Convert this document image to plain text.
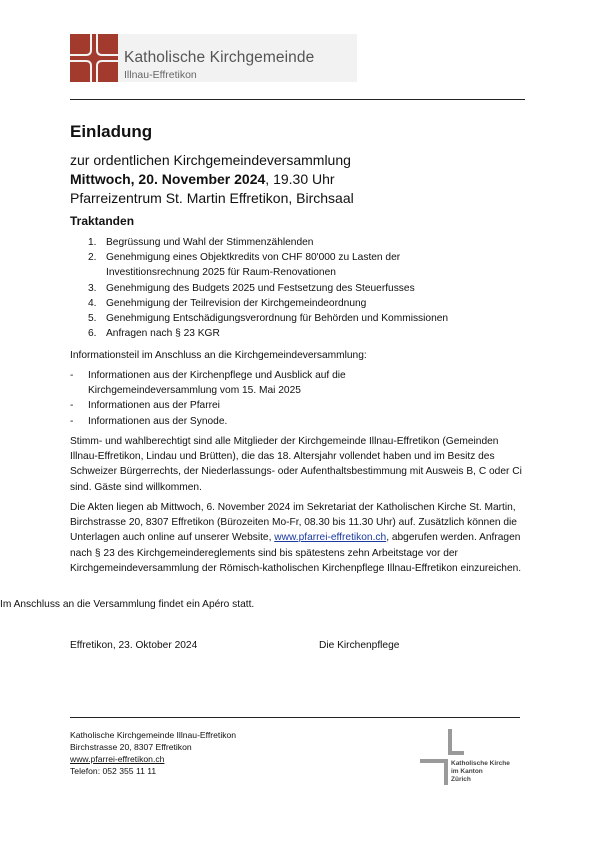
Katholische Kirchgemeinde
Illnau-Effretikon
Einladung
zur ordentlichen Kirchgemeindeversammlung
Mittwoch, 20. November 2024, 19.30 Uhr
Pfarreizentrum St. Martin Effretikon, Birchsaal
Traktanden
1. Begrüssung und Wahl der Stimmenzählenden
2. Genehmigung eines Objektkredits von CHF 80'000 zu Lasten der Investitionsrechnung 2025 für Raum-Renovationen
3. Genehmigung des Budgets 2025 und Festsetzung des Steuerfusses
4. Genehmigung der Teilrevision der Kirchgemeindeordnung
5. Genehmigung Entschädigungsverordnung für Behörden und Kommissionen
6. Anfragen nach § 23 KGR
Informationsteil im Anschluss an die Kirchgemeindeversammlung:
-	Informationen aus der Kirchenpflege und Ausblick auf die Kirchgemeindeversammlung vom 15. Mai 2025
-	Informationen aus der Pfarrei
-	Informationen aus der Synode.
Stimm- und wahlberechtigt sind alle Mitglieder der Kirchgemeinde Illnau-Effretikon (Gemeinden Illnau-Effretikon, Lindau und Brütten), die das 18. Altersjahr vollendet haben und im Besitz des Schweizer Bürgerrechts, der Niederlassungs- oder Aufenthaltsbestimmung mit Ausweis B, C oder Ci sind. Gäste sind willkommen.
Die Akten liegen ab Mittwoch, 6. November 2024 im Sekretariat der Katholischen Kirche St. Martin, Birchstrasse 20, 8307 Effretikon (Bürozeiten Mo-Fr, 08.30 bis 11.30 Uhr) auf. Zusätzlich können die Unterlagen auch online auf unserer Website, www.pfarrei-effretikon.ch, abgerufen werden. Anfragen nach § 23 des Kirchgemeindereglements sind bis spätestens zehn Arbeitstage vor der Kirchgemeindeversammlung der Römisch-katholischen Kirchenpflege Illnau-Effretikon einzureichen.
Im Anschluss an die Versammlung findet ein Apéro statt.
Effretikon, 23. Oktober 2024	Die Kirchenpflege
Katholische Kirchgemeinde Illnau-Effretikon
Birchstrasse 20, 8307 Effretikon
www.pfarrei-effretikon.ch
Telefon: 052 355 11 11
Katholische Kirche
im Kanton
Zürich
